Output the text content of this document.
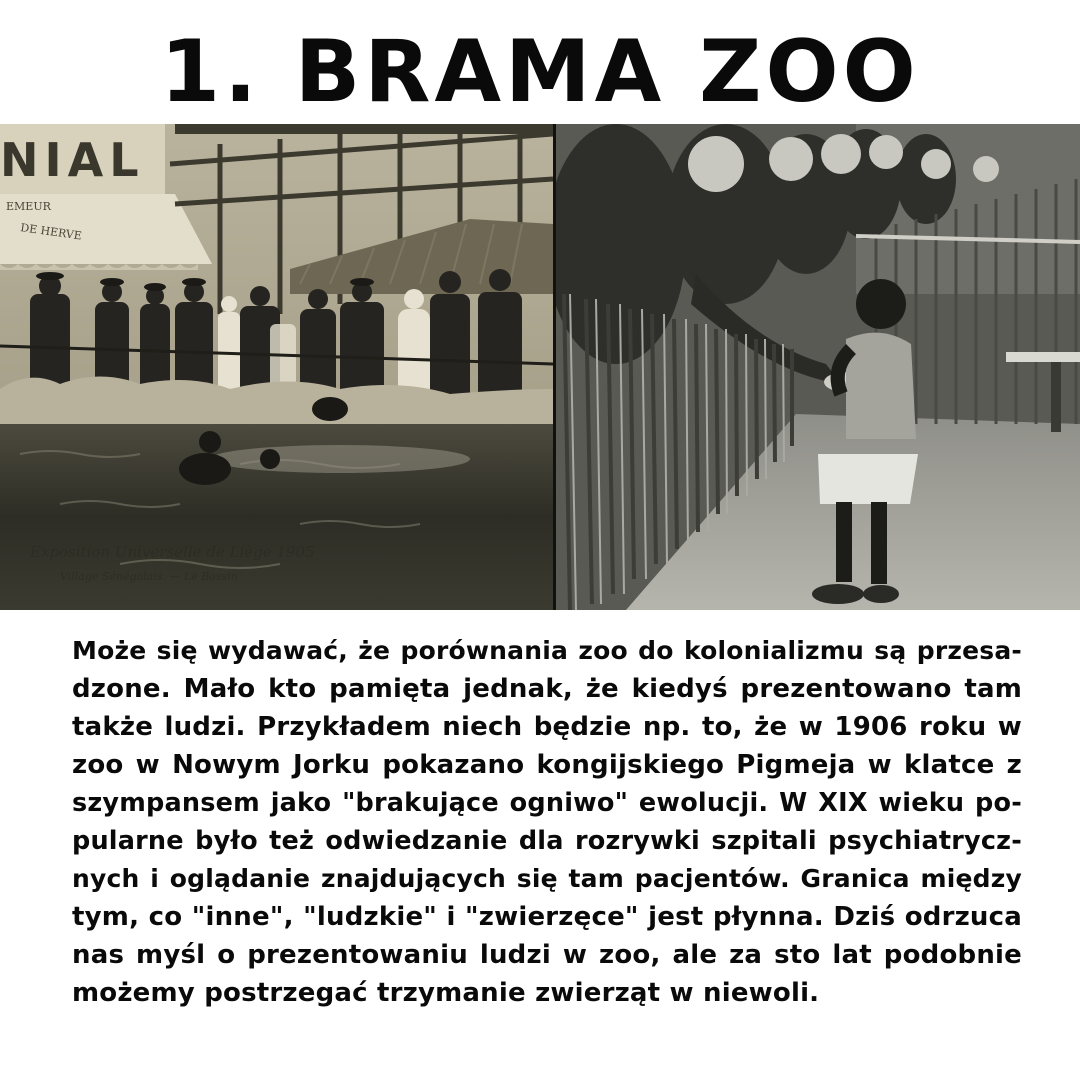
1. BRAMA ZOO
NIAL
EMEUR
DE HERVE
Exposition Universelle de Liège 1905
Village Sénégalais. — Le Bassin
Może się wydawać, że porównania zoo do kolonializmu są przesa-
dzone. Mało kto pamięta jednak, że kiedyś prezentowano tam
także ludzi. Przykładem niech będzie np. to, że w 1906 roku w
zoo w Nowym Jorku pokazano kongijskiego Pigmeja w klatce z
szympansem jako "brakujące ogniwo" ewolucji. W XIX wieku po-
pularne było też odwiedzanie dla rozrywki szpitali psychiatrycz-
nych i oglądanie znajdujących się tam pacjentów. Granica między
tym, co "inne", "ludzkie" i "zwierzęce" jest płynna. Dziś odrzuca
nas myśl o prezentowaniu ludzi w zoo, ale za sto lat podobnie
możemy postrzegać trzymanie zwierząt w niewoli.
